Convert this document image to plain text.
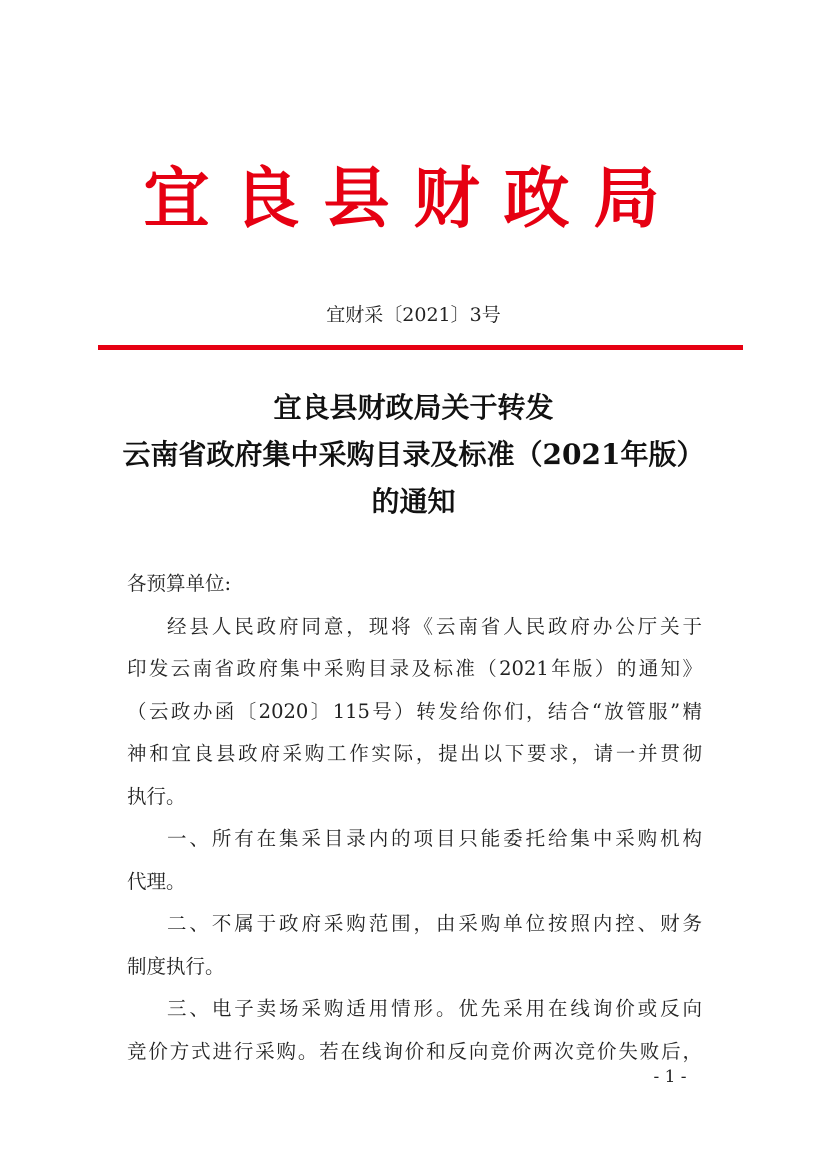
宜良县财政局
宜财采〔2021〕3号
宜良县财政局关于转发
云南省政府集中采购目录及标准（2021年版）
的通知
各预算单位:
经县人民政府同意，现将《云南省人民政府办公厅关于
印发云南省政府集中采购目录及标准（2021年版）的通知》
（云政办函〔2020〕115号）转发给你们，结合“放管服”精
神和宜良县政府采购工作实际，提出以下要求，请一并贯彻
执行。
一、所有在集采目录内的项目只能委托给集中采购机构
代理。
二、不属于政府采购范围，由采购单位按照内控、财务
制度执行。
三、电子卖场采购适用情形。优先采用在线询价或反向
竞价方式进行采购。若在线询价和反向竞价两次竞价失败后，
- 1 -
